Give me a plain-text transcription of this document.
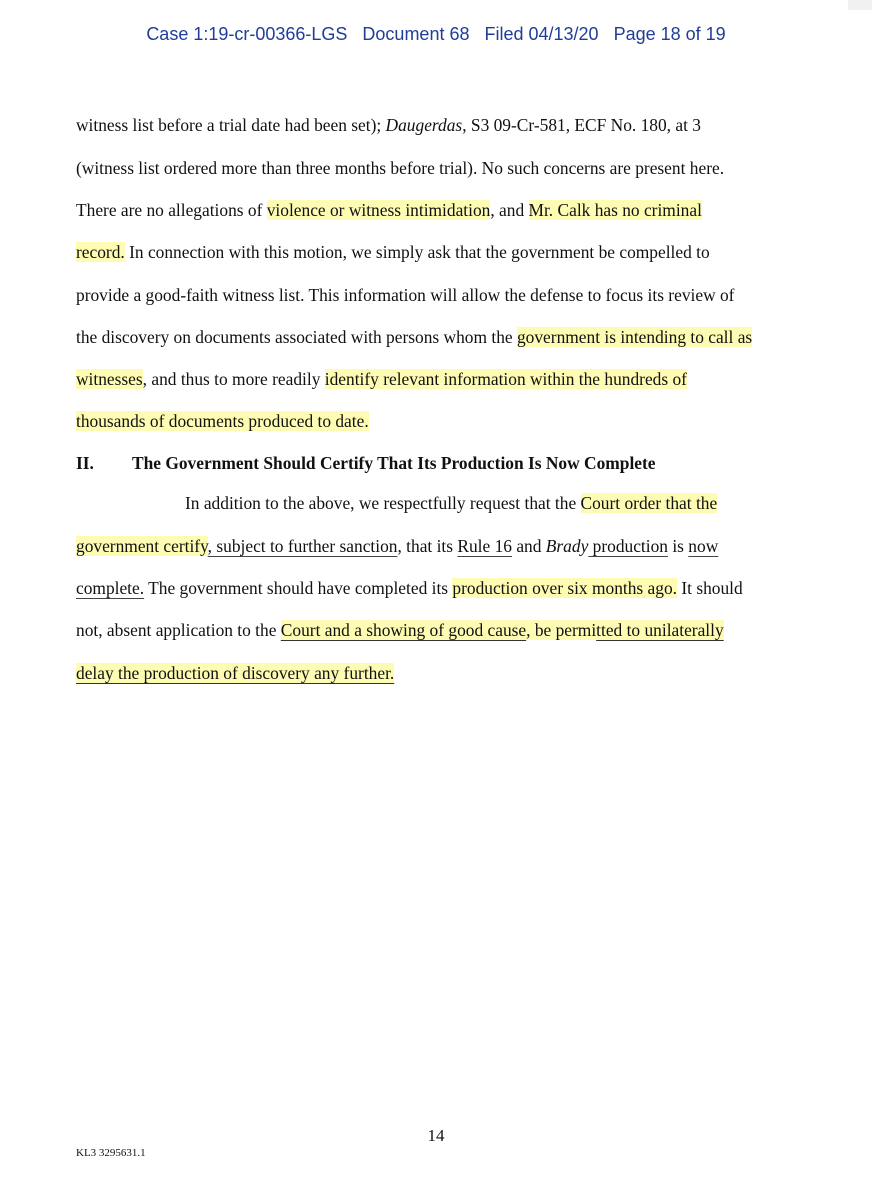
Case 1:19-cr-00366-LGS   Document 68   Filed 04/13/20   Page 18 of 19
witness list before a trial date had been set); Daugerdas, S3 09-Cr-581, ECF No. 180, at 3
(witness list ordered more than three months before trial). No such concerns are present here.
There are no allegations of violence or witness intimidation, and Mr. Calk has no criminal
record. In connection with this motion, we simply ask that the government be compelled to
provide a good-faith witness list. This information will allow the defense to focus its review of
the discovery on documents associated with persons whom the government is intending to call as
witnesses, and thus to more readily identify relevant information within the hundreds of
thousands of documents produced to date.
II. The Government Should Certify That Its Production Is Now Complete
In addition to the above, we respectfully request that the Court order that the
government certify, subject to further sanction, that its Rule 16 and Brady production is now
complete. The government should have completed its production over six months ago. It should
not, absent application to the Court and a showing of good cause, be permitted to unilaterally
delay the production of discovery any further.
14
KL3 3295631.1
